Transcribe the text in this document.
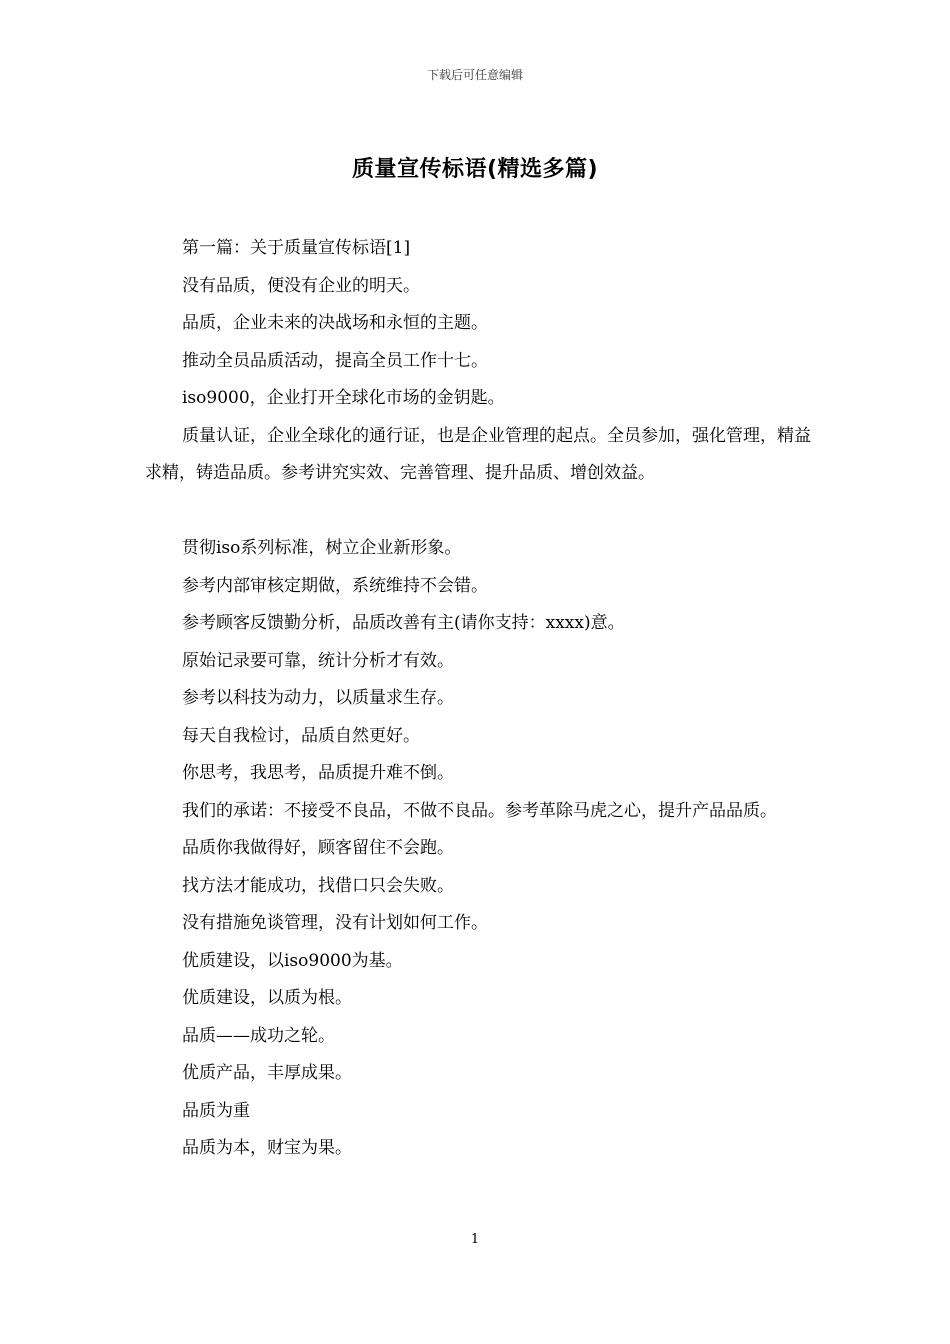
下载后可任意编辑
质量宣传标语(精选多篇)

第一篇：关于质量宣传标语[1]

没有品质，便没有企业的明天。

品质，企业未来的决战场和永恒的主题。

推动全员品质活动，提高全员工作十七。

iso9000，企业打开全球化市场的金钥匙。

质量认证，企业全球化的通行证，也是企业管理的起点。全员参加，强化管理，精益求精，铸造品质。参考讲究实效、完善管理、提升品质、增创效益。

贯彻iso系列标准，树立企业新形象。

参考内部审核定期做，系统维持不会错。

参考顾客反馈勤分析，品质改善有主(请你支持：xxxx)意。

原始记录要可靠，统计分析才有效。

参考以科技为动力，以质量求生存。

每天自我检讨，品质自然更好。

你思考，我思考，品质提升难不倒。

我们的承诺：不接受不良品，不做不良品。参考革除马虎之心，提升产品品质。

品质你我做得好，顾客留住不会跑。

找方法才能成功，找借口只会失败。

没有措施免谈管理，没有计划如何工作。

优质建设，以iso9000为基。

优质建设，以质为根。

品质——成功之轮。

优质产品，丰厚成果。

品质为重

品质为本，财宝为果。

1
